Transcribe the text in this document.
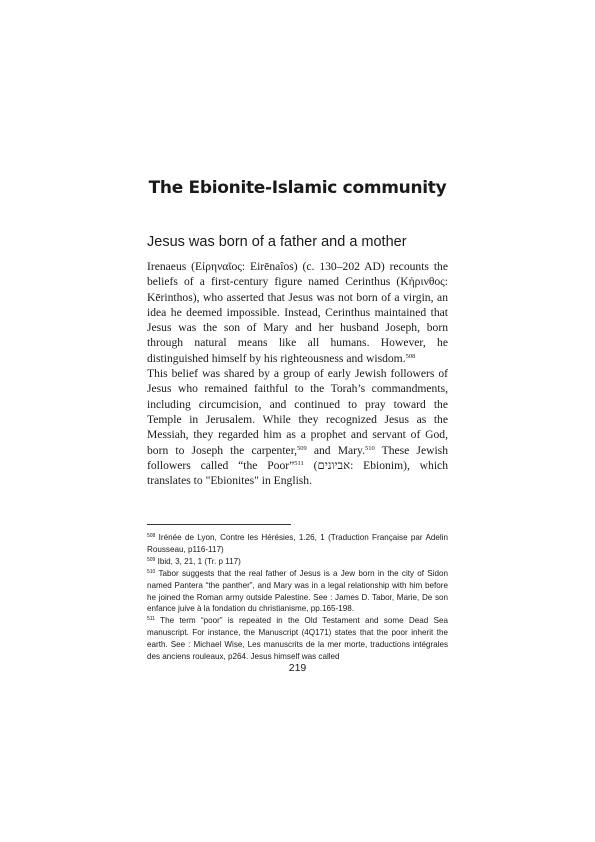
The Ebionite-Islamic community
Jesus was born of a father and a mother

Irenaeus (Εἰρηναῖος: Eirēnaîos) (c. 130–202 AD) recounts the beliefs of a first-century figure named Cerinthus (Κήρινθος: Kērinthos), who asserted that Jesus was not born of a virgin, an idea he deemed impossible. Instead, Cerinthus maintained that Jesus was the son of Mary and her husband Joseph, born through natural means like all humans. However, he distinguished himself by his righteousness and wisdom.$^{508}$

This belief was shared by a group of early Jewish followers of Jesus who remained faithful to the Torah’s commandments, including circumcision, and continued to pray toward the Temple in Jerusalem. While they recognized Jesus as the Messiah, they regarded him as a prophet and servant of God, born to Joseph the carpenter,$^{509}$ and Mary.$^{510}$ These Jewish followers called “the Poor”$^{511}$ (אביונים: Ebionim), which translates to "Ebionites" in English.

$^{508}$ Irénée de Lyon, Contre les Hérésies, 1.26, 1 (Traduction Française par Adelin Rousseau, p116-117)

$^{509}$ Ibid, 3, 21, 1 (Tr. p 117)

$^{510}$ Tabor suggests that the real father of Jesus is a Jew born in the city of Sidon named Pantera “the panther”, and Mary was in a legal relationship with him before he joined the Roman army outside Palestine. See : James D. Tabor, Marie, De son enfance juive à la fondation du christianisme, pp.165-198.

$^{511}$ The term “poor” is repeated in the Old Testament and some Dead Sea manuscript. For instance, the Manuscript (4Q171) states that the poor inherit the earth. See : Michael Wise, Les manuscrits de la mer morte, traductions intégrales des anciens rouleaux, p264. Jesus himself was called

219
